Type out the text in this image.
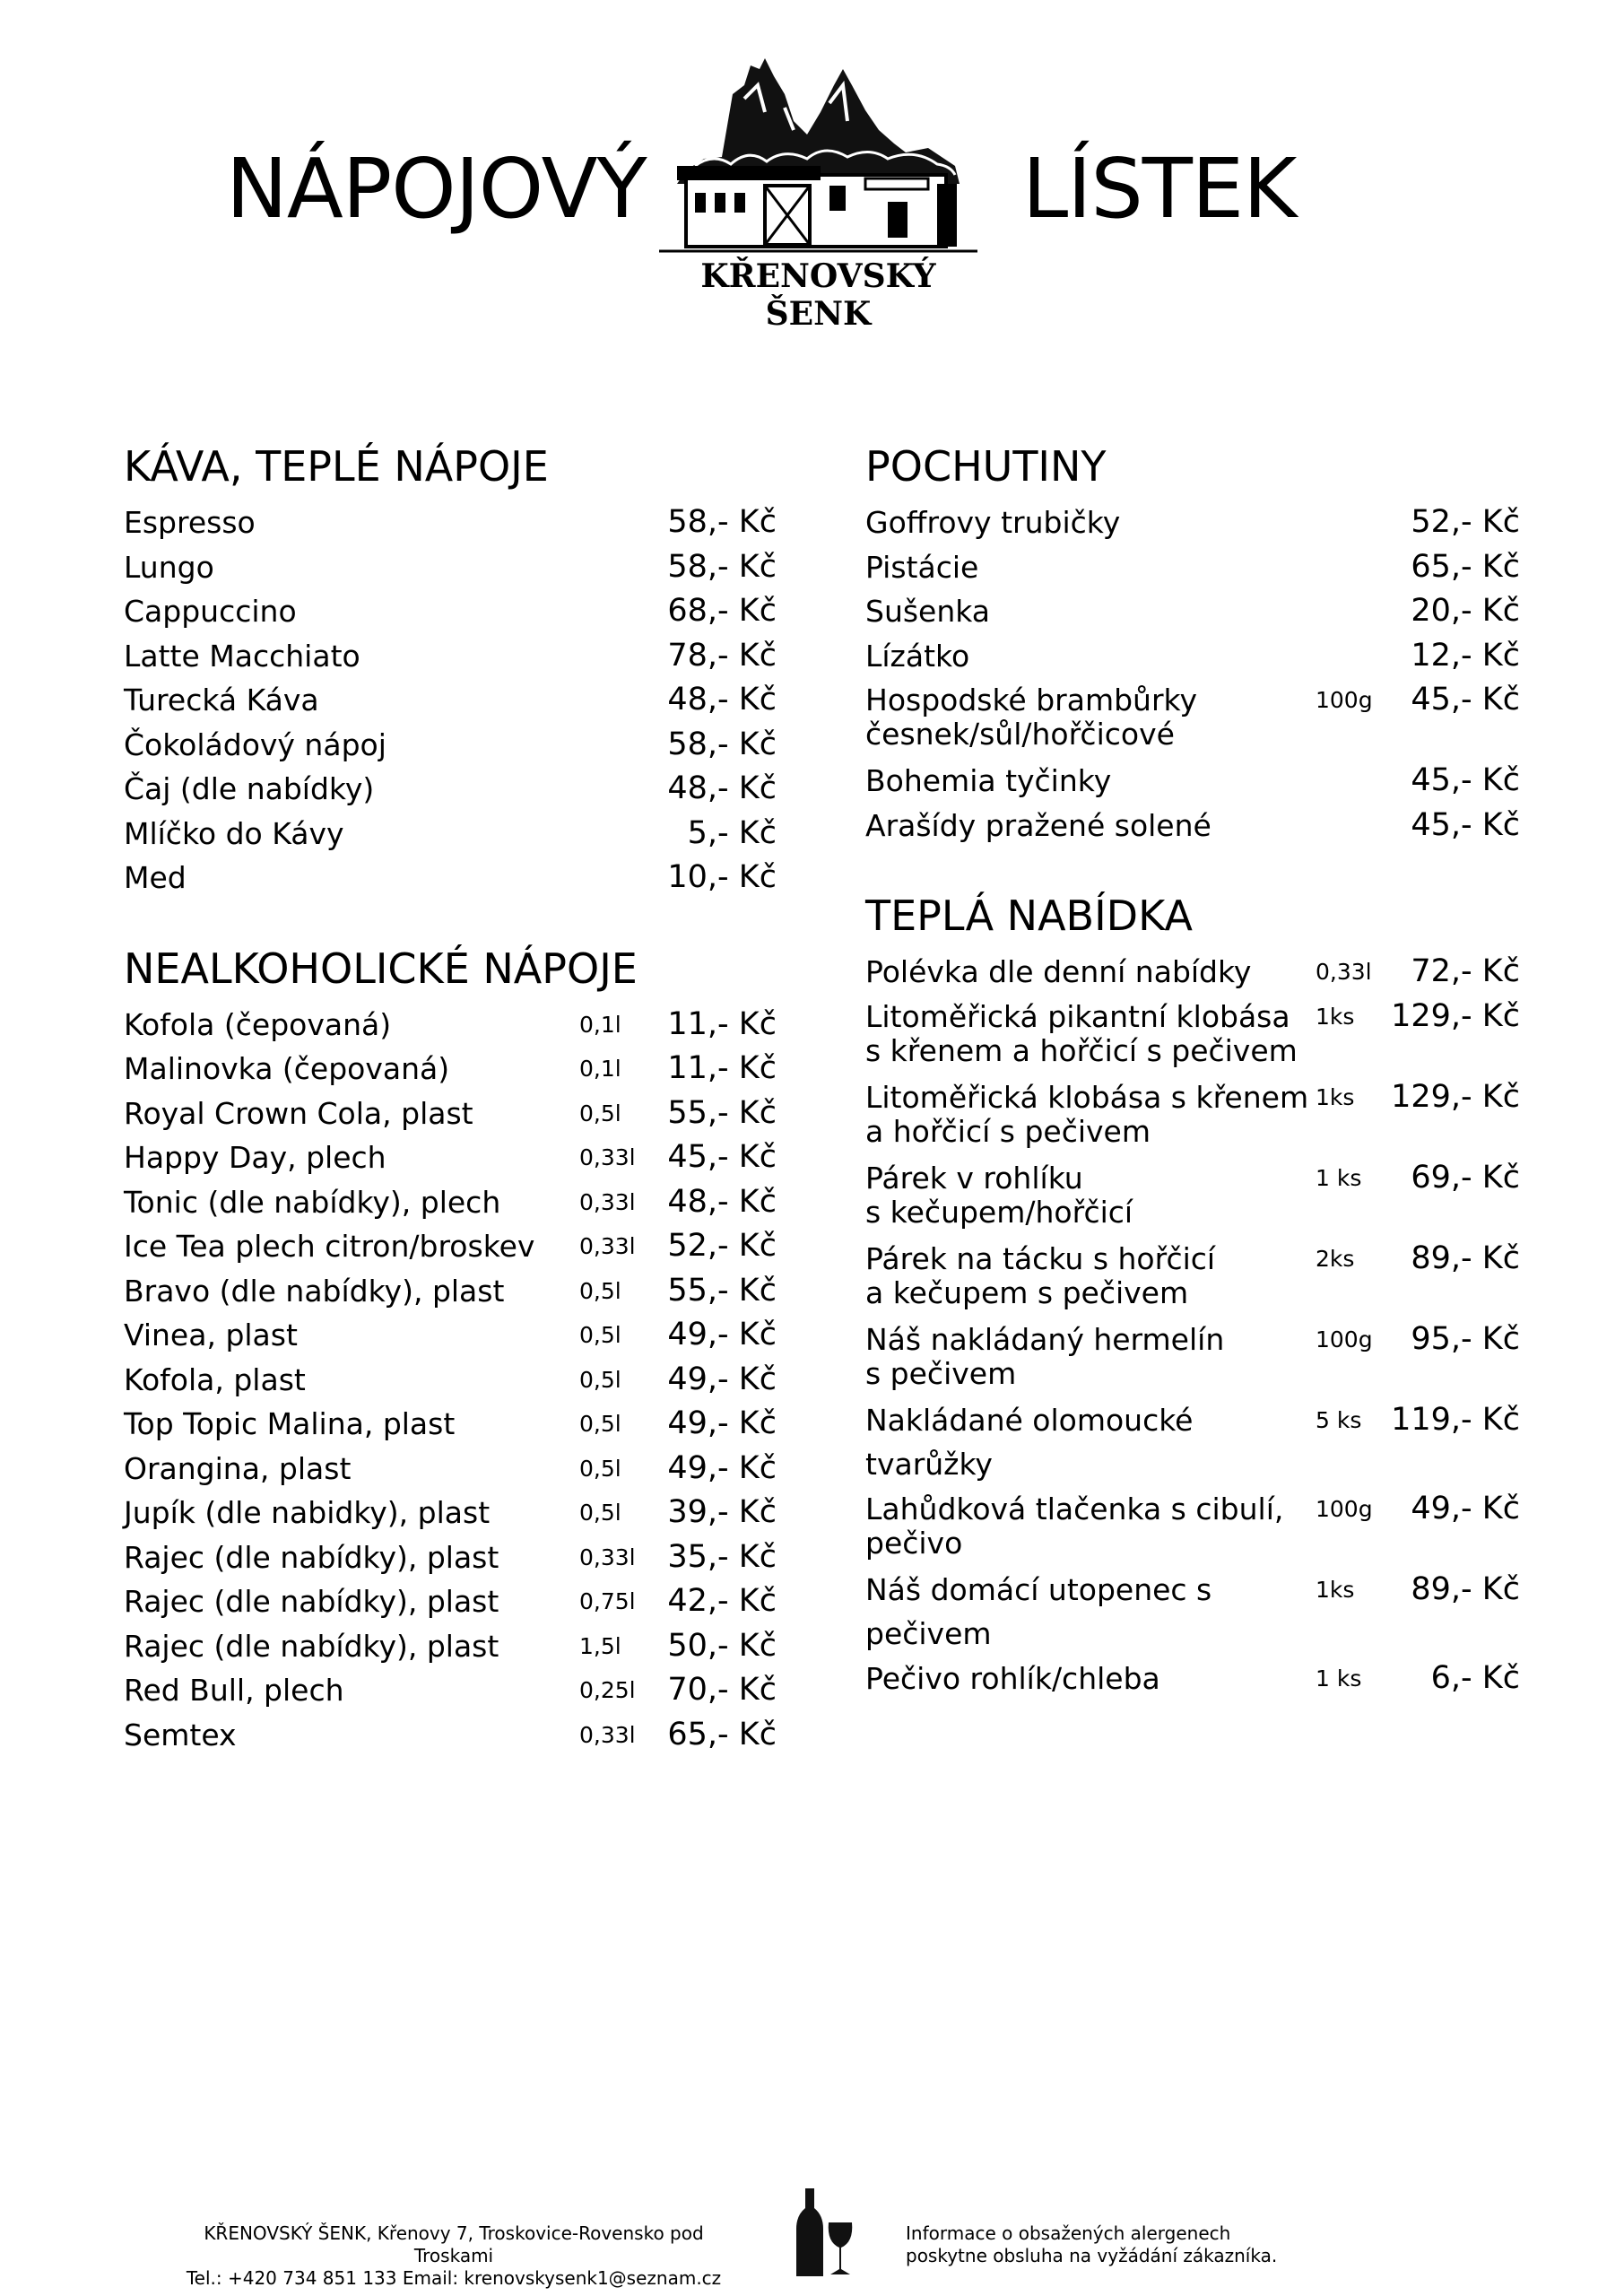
NÁPOJOVÝ
KŘENOVSKÝ
ŠENK
LÍSTEK
KÁVA, TEPLÉ NÁPOJE
Espresso	58,- Kč
Lungo	58,- Kč
Cappuccino	68,- Kč
Latte Macchiato	78,- Kč
Turecká Káva	48,- Kč
Čokoládový nápoj	58,- Kč
Čaj (dle nabídky)	48,- Kč
Mlíčko do Kávy	5,- Kč
Med	10,- Kč
NEALKOHOLICKÉ NÁPOJE
Kofola (čepovaná)	0,1l	11,- Kč
Malinovka (čepovaná)	0,1l	11,- Kč
Royal Crown Cola, plast	0,5l	55,- Kč
Happy Day, plech	0,33l	45,- Kč
Tonic (dle nabídky), plech	0,33l	48,- Kč
Ice Tea plech citron/broskev	0,33l	52,- Kč
Bravo (dle nabídky), plast	0,5l	55,- Kč
Vinea, plast	0,5l	49,- Kč
Kofola, plast	0,5l	49,- Kč
Top Topic Malina, plast	0,5l	49,- Kč
Orangina, plast	0,5l	49,- Kč
Jupík (dle nabidky), plast	0,5l	39,- Kč
Rajec (dle nabídky), plast	0,33l	35,- Kč
Rajec (dle nabídky), plast	0,75l	42,- Kč
Rajec (dle nabídky), plast	1,5l	50,- Kč
Red Bull, plech	0,25l	70,- Kč
Semtex	0,33l	65,- Kč
POCHUTINY
Goffrovy trubičky	52,- Kč
Pistácie	65,- Kč
Sušenka	20,- Kč
Lízátko	12,- Kč
Hospodské brambůrky
česnek/sůl/hořčicové
100g	45,- Kč
Bohemia tyčinky	45,- Kč
Arašídy pražené solené	45,- Kč
TEPLÁ NABÍDKA
Polévka dle denní nabídky	0,33l	72,- Kč
Litoměřická pikantní klobása
s křenem a hořčicí s pečivem
1ks	129,- Kč
Litoměřická klobása s křenem
a hořčicí s pečivem
1ks	129,- Kč
Párek v rohlíku
s kečupem/hořčicí
1 ks	69,- Kč
Párek na tácku s hořčicí
a kečupem s pečivem
2ks	89,- Kč
Náš nakládaný hermelín
s pečivem
100g	95,- Kč
Nakládané olomoucké tvarůžky
5 ks 119,- Kč
Lahůdková tlačenka s cibulí,
pečivo
100g	49,- Kč
Náš domácí utopenec s pečivem
1ks	89,- Kč
Pečivo rohlík/chleba	1 ks	6,- Kč
KŘENOVSKÝ ŠENK, Křenovy 7, Troskovice-Rovensko pod Troskami
Tel.: +420 734 851 133 Email: krenovskysenk1@seznam.cz
Informace o obsažených alergenech
poskytne obsluha na vyžádání zákazníka.
